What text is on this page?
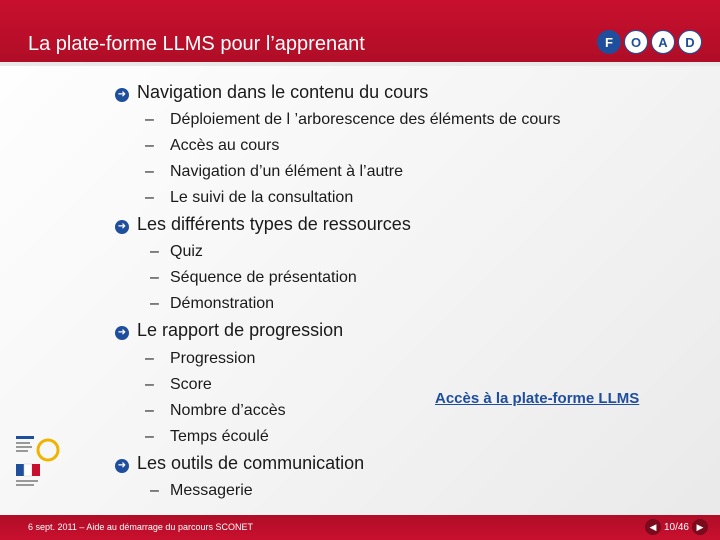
La plate-forme LLMS pour l’apprenant	F	O	A	D
➜ Navigation dans le contenu du cours
– Déploiement de l ’arborescence des éléments de cours
– Accès au cours
– Navigation d’un élément à l’autre
– Le suivi de la consultation
➜ Les différents types de ressources
– Quiz
– Séquence de présentation
– Démonstration
➜ Le rapport de progression
– Progression
– Score
– Nombre d’accès
– Temps écoulé
Accès à la plate-forme LLMS
➜ Les outils de communication
– Messagerie
6 sept. 2011 – Aide au démarrage du parcours SCONET	◀ 10/46 ▶
